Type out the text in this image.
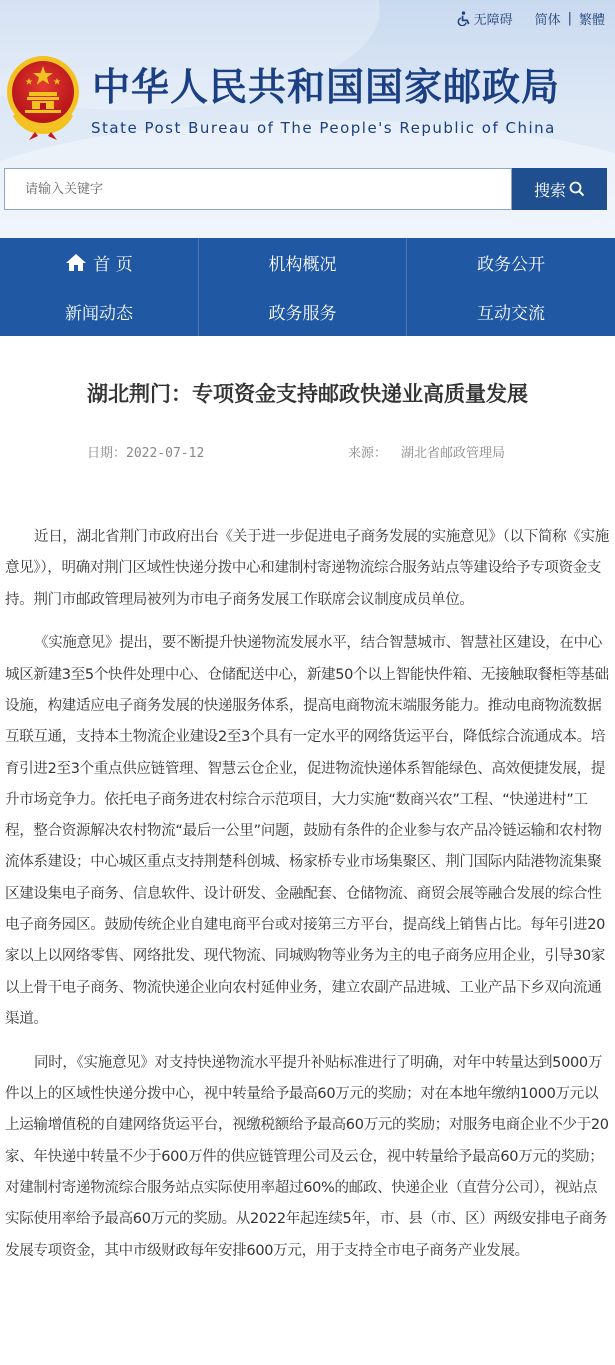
无障碍 简体 | 繁體
中华人民共和国国家邮政局
State Post Bureau of The People's Republic of China
请输入关键字
搜索
首 页	机构概况	政务公开
新闻动态	政务服务	互动交流
湖北荆门：专项资金支持邮政快递业高质量发展
日期：2022-07-12	来源： 湖北省邮政管理局

近日，湖北省荆门市政府出台《关于进一步促进电子商务发展的实施意见》（以下简称《实施意见》），明确对荆门区域性快递分拨中心和建制村寄递物流综合服务站点等建设给予专项资金支持。荆门市邮政管理局被列为市电子商务发展工作联席会议制度成员单位。

《实施意见》提出，要不断提升快递物流发展水平，结合智慧城市、智慧社区建设，在中心城区新建3至5个快件处理中心、仓储配送中心，新建50个以上智能快件箱、无接触取餐柜等基础设施，构建适应电子商务发展的快递服务体系，提高电商物流末端服务能力。推动电商物流数据互联互通，支持本土物流企业建设2至3个具有一定水平的网络货运平台，降低综合流通成本。培育引进2至3个重点供应链管理、智慧云仓企业，促进物流快递体系智能绿色、高效便捷发展，提升市场竞争力。依托电子商务进农村综合示范项目，大力实施“数商兴农”工程、“快递进村”工程，整合资源解决农村物流“最后一公里”问题，鼓励有条件的企业参与农产品冷链运输和农村物流体系建设；中心城区重点支持荆楚科创城、杨家桥专业市场集聚区、荆门国际内陆港物流集聚区建设集电子商务、信息软件、设计研发、金融配套、仓储物流、商贸会展等融合发展的综合性电子商务园区。鼓励传统企业自建电商平台或对接第三方平台，提高线上销售占比。每年引进20家以上以网络零售、网络批发、现代物流、同城购物等业务为主的电子商务应用企业，引导30家以上骨干电子商务、物流快递企业向农村延伸业务，建立农副产品进城、工业产品下乡双向流通渠道。

同时，《实施意见》对支持快递物流水平提升补贴标准进行了明确，对年中转量达到5000万件以上的区域性快递分拨中心，视中转量给予最高60万元的奖励；对在本地年缴纳1000万元以上运输增值税的自建网络货运平台，视缴税额给予最高60万元的奖励；对服务电商企业不少于20家、年快递中转量不少于600万件的供应链管理公司及云仓，视中转量给予最高60万元的奖励；对建制村寄递物流综合服务站点实际使用率超过60%的邮政、快递企业（直营分公司），视站点实际使用率给予最高60万元的奖励。从2022年起连续5年，市、县（市、区）两级安排电子商务发展专项资金，其中市级财政每年安排600万元，用于支持全市电子商务产业发展。
